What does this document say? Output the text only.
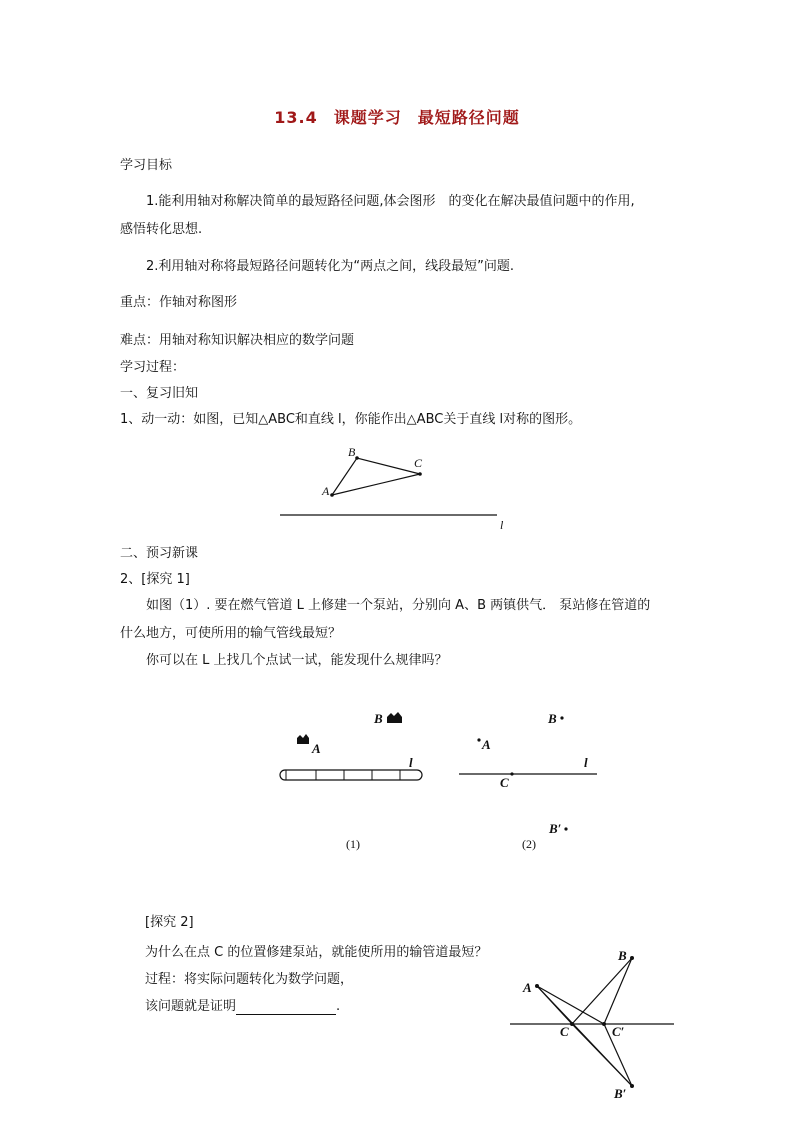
13.4 课题学习 最短路径问题
学习目标
1.能利用轴对称解决简单的最短路径问题,体会图形　的变化在解决最值问题中的作用,
感悟转化思想.
2.利用轴对称将最短路径问题转化为“两点之间，线段最短”问题.
重点：作轴对称图形
难点：用轴对称知识解决相应的数学问题
学习过程：
一、复习旧知
1、动一动：如图，已知△ABC和直线 l，你能作出△ABC关于直线 l对称的图形。
A
B
C
l
二、预习新课
2、[探究 1]
如图（1）. 要在燃气管道 L 上修建一个泵站，分别向 A、B 两镇供气． 泵站修在管道的
什么地方，可使所用的输气管线最短？
你可以在 L 上找几个点试一试，能发现什么规律吗？
A
B
l
(1)
A
B
C
l
B′
(2)
[探究 2]
为什么在点 C 的位置修建泵站，就能使所用的输管道最短？
过程：将实际问题转化为数学问题，
该问题就是证明	.
A
B
C	C′
B′
